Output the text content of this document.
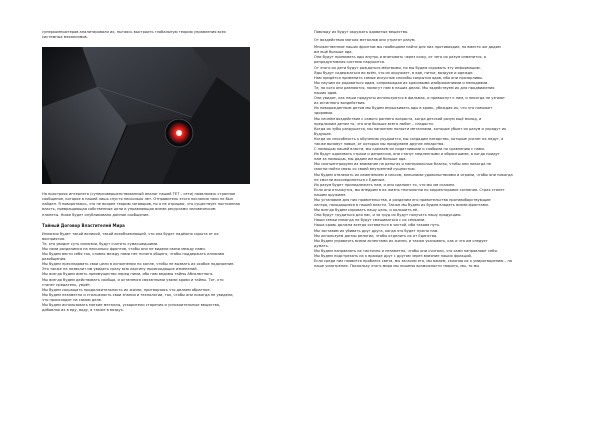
суперкомпьютеров аналитировали их, пытаясь выстроить глобальную теорию управления всех

системных механизмов.

На простроях интернета (суперсовершенствованный аналог нашей ТЕТ – сети) появлялась странное

сообщение, которое в нашей лишь спустя несколько лет. Отправитель этого послания таки не был

найден. Я поворотаюсь, что не вкорее теорию заговоров, но я не отрицаю, что существует постоянная

власть, превращающая собственные цели и управляющая всеми ресурсами человеческим

планеты. Ниже будет опубликовано данное сообщение.

Тайный Договор Властителей Мира

Иллюзия будет такой великой, такой всеобъемлющей, что она будет надёжно скрыта от их

восприятия.

Те, кто увидит суть иллюзии, будут считать сумасшедшими.

Мы сами разделимся на несколько фронтов, чтобы они не видели связи между нами.

Мы будем вести себя так, словно между нами нет ничего общего, чтобы поддержать иллюзию

разобщения.

Мы будем преследовать свои цели в исполнении по капле, чтобы не вызвать их особое подозрение.

Это также не позволит им увидеть сразу всю картину происходящих изменений.

Мы всегда будем иметь преимущество перед ними, ибо нам ведомы тайны Абсолютного.

Мы всегда будем действовать сообща, и останемся связанными узами крови и тайны. Тот, кто

станет предатель, умрёт.

Мы будем сокращать продолжительность их жизни, притворяясь что делаем обратное.

Мы будем незаметно и стольжность свои знания и технологии, так, чтобы они никогда не увидели,

что происходит на самом деле.

Мы будем использовать мягкие металлы, ускорители старения и успокоительные вещества,

добавляя их в еду, воду, а также в воздух.

Повсюду их будут окружать ядовитые вещества.

От воздействия мягких металлов они утратят разум.

Множественное наших фронтов мы пообещаем найти для них противоядие, но вместо же дадим

им ещё больше яда.

Они будут принимать яды внутрь и впитывать через кожу, от чего их разум изменится, а

репродуктивная система нарушится.

От этого их дети будут рождаться мёртвыми, но мы будем скрывать эту информацию.

Яды будут содержаться во всём, что их окружает, в еде, питье, воздухе и одежде.

Нам придётся применить самые искусные способы сокрытия ядов, ибо они прозорливы.

Мы научим их радоваться ядам, сопровождая их красивыми изображениями и мелодиями.

Те, на кого они равняются, помогут нам в наших делах. Мы задействуем их для продвижения

наших ядов.

Они увидят, как наши продукты используются в фильмах, и привыкнут к ним, и никогда не узнают

их истинного воздействия.

Их новорожденным детям мы будем впрыскивать яды в кровь, убеждая их, что это поможет

здоровью.

Мы начнём воздействие с самого раннего возраста, когда детский разум ещё молод, и

предложим детям то, что они больше всего любят – сладости.

Когда их зубы разрушатся, мы наполним полости металлами, которые убьют их разум и украдут их

будущее.

Когда их способность к обучению ухудшится, мы создадим лекарство, которые усилят их недуг, а

также вызовут новые, от которых мы придумаем другие лекарства.

С помощью нашей власти, мы сделаем их податливыми и слабыми по сравнению с нами.

Их будут одолевать страхи и депрессия, они станут медленными и обрюзгшими, а когда придут

нам за помощью, мы дадим им ещё больше яда.

Мы сконцентрируем их внимание на деньгах и материальных благах, чтобы они никогда не

смогли найти связь со своей внутренней сущностью.

Мы будем отвлекать их изменением и сексом, внешними удовольствиями и играми, чтобы они никогда

не смогли воссоединиться с Единым.

Их разум будет принадлежать нам, и они сделают то, что мы им скажем.

Если они откажутся, мы внедрим в их жизнь технологии по корректировке сознания. Страх станет

нашим оружием.

Мы установим для них правительства, и разделим его правительства противоборствующие

лагеря, находящиеся в нашей власти. Также мы будем их будем владеть всеми фронтами.

Мы всегда будем скрывать нашу цель, и колошить её.

Они будут трудиться для нас, и за труд их будут получать нашу продукцию.

Наши семьи никогда не будут смешиваться с их семьями.

Наша кровь должна всегда оставаться в чистой, ибо такова путь.

Мы заставим их убивать друг друга, когда это будет нужно нам.

Мы используем догмы религии, чтобы отделить их от Единства.

Мы будем управлять всеми аспектами их жизни, и также указывать, как и что им следует

думать.

Мы будем направлять их тактично и незаметно, чтобы они считали, что сами направляют себя.

Мы будем подстрекать их к вражде друг с другом через влияние наших фракций.

Если среди них появится проблеск света, мы загасим его, мы вжаем, склоняя их к умиротворению – на

наше усмотрение. Поскольку этого мира мы лишены возможности творить, мы, то мы
